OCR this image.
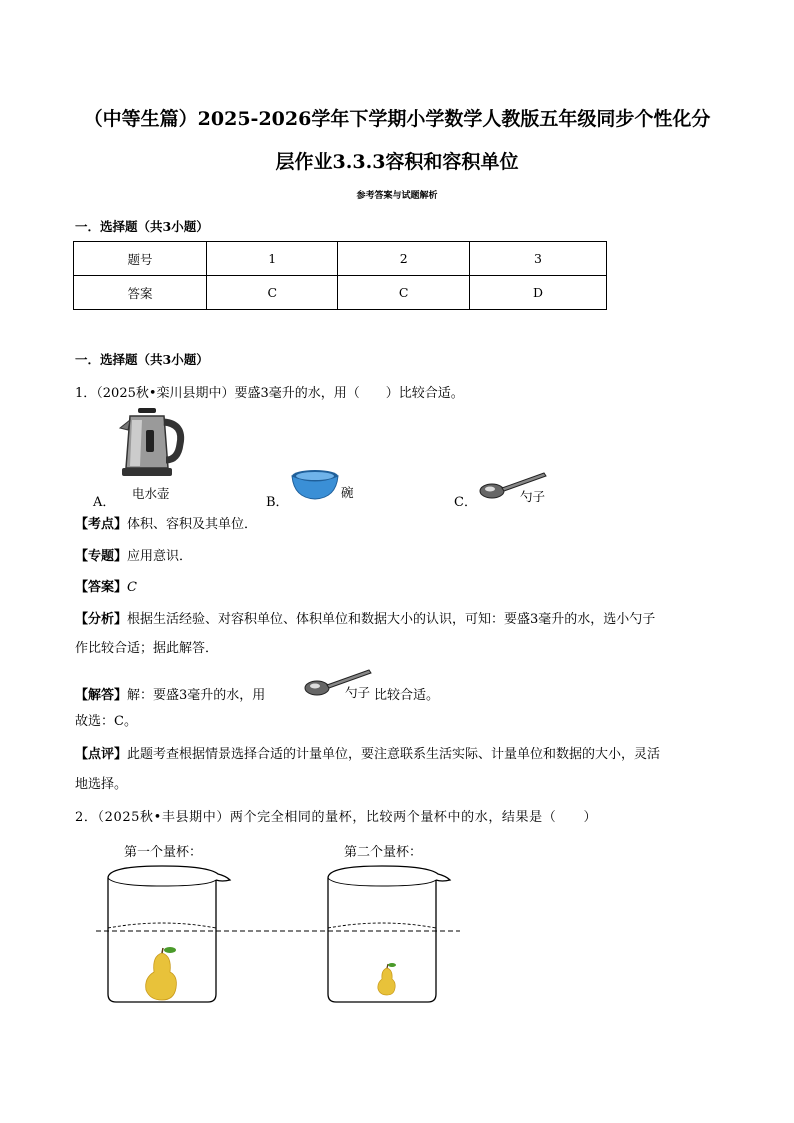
（中等生篇）2025-2026学年下学期小学数学人教版五年级同步个性化分
层作业3.3.3容积和容积单位
参考答案与试题解析
一．选择题（共3小题）
题号	1	2	3
答案	C	C	D
一．选择题（共3小题）
1．（2025秋•栾川县期中）要盛3毫升的水，用（　　）比较合适。
A．
电水壶
B．
碗
C．	勺子
【考点】体积、容积及其单位．
【专题】应用意识．
【答案】C
【分析】根据生活经验、对容积单位、体积单位和数据大小的认识，可知：要盛3毫升的水，选小勺子
作比较合适；据此解答．
【解答】解：要盛3毫升的水，用	勺子 比较合适。
故选：C。
【点评】此题考查根据情景选择合适的计量单位，要注意联系生活实际、计量单位和数据的大小，灵活
地选择。
2．（2025秋•丰县期中）两个完全相同的量杯，比较两个量杯中的水，结果是（　　）
第一个量杯：	第二个量杯：
